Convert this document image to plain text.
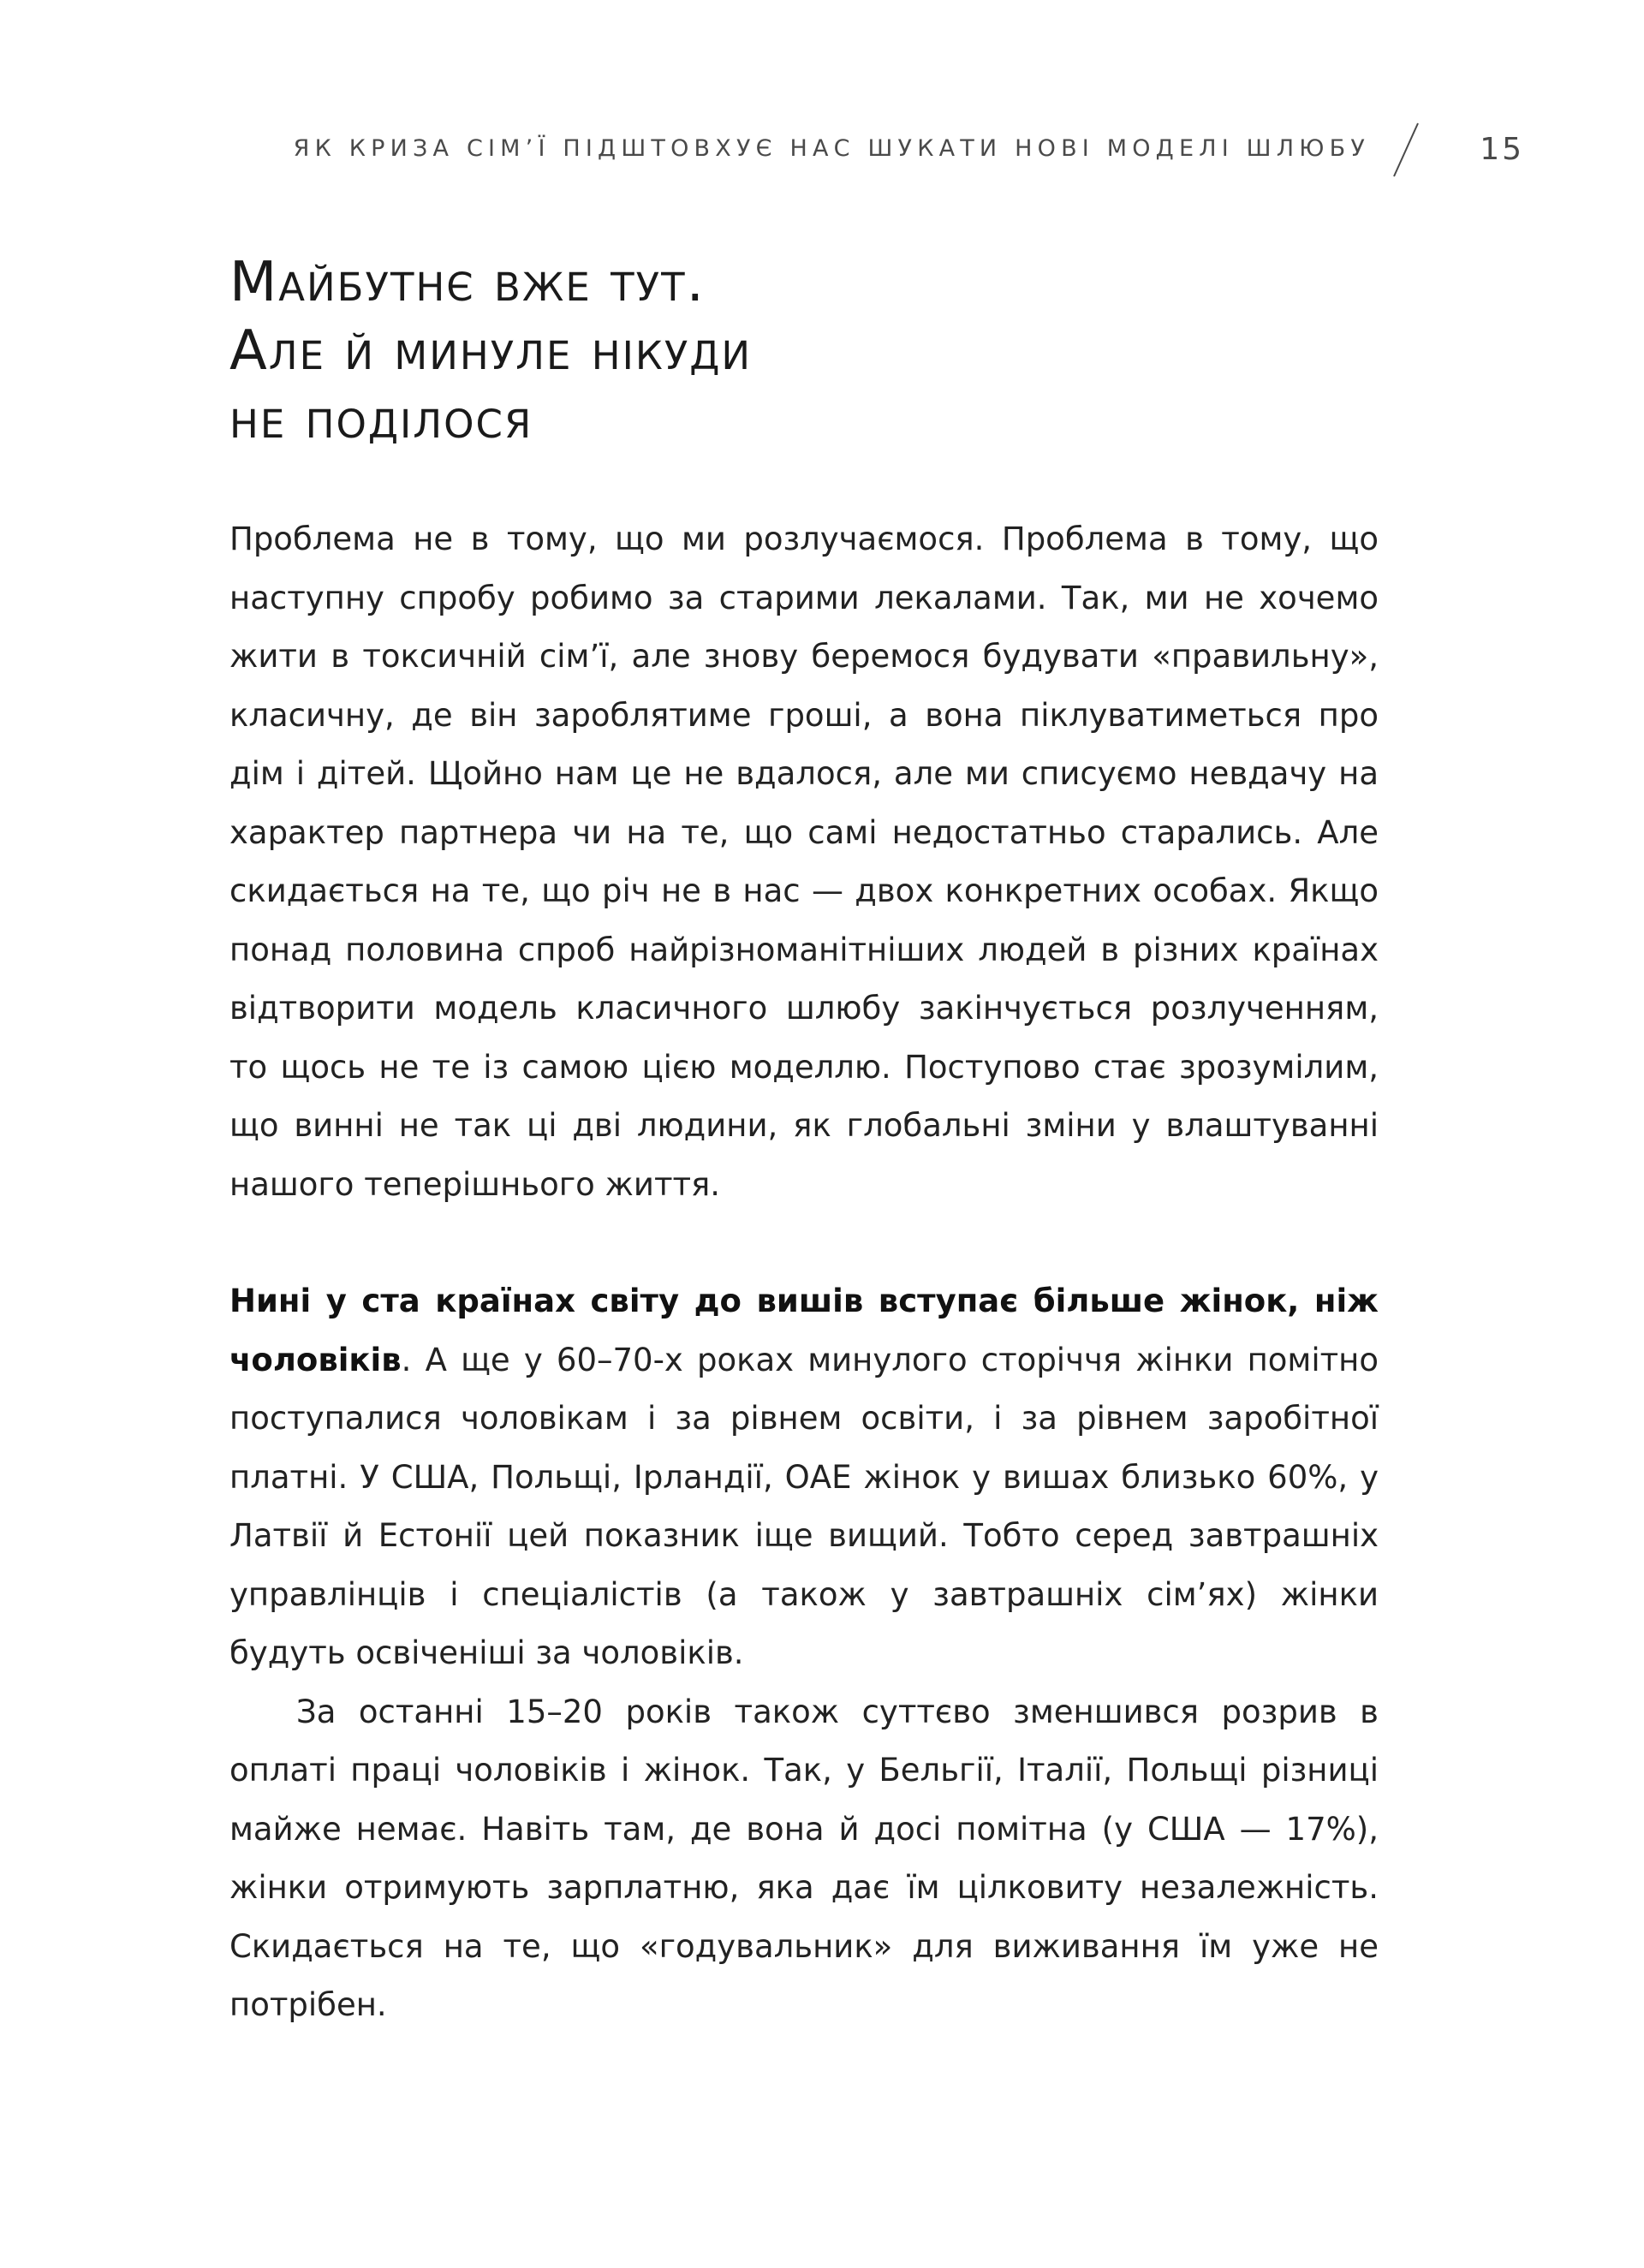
ЯК КРИЗА СІМ’Ї ПІДШТОВХУЄ НАС ШУКАТИ НОВІ МОДЕЛІ ШЛЮБУ	15
Майбутнє вже тут.
Але й минуле нікуди
не поділося

Проблема не в тому, що ми розлучаємося. Проблема в тому, що наступну спробу робимо за старими лекалами. Так, ми не хочемо жити в токсичній сім’ї, але знову беремося будувати «правильну», класичну, де він зароблятиме гроші, а вона піклуватиметься про дім і дітей. Щойно нам це не вдалося, але ми списуємо невдачу на характер партнера чи на те, що самі недостатньо старались. Але скидається на те, що річ не в нас — двох конкретних особах. Якщо понад половина спроб найрізноманітніших людей в різних країнах відтворити модель класичного шлюбу закінчується розлученням, то щось не те із самою цією моделлю. Поступово стає зрозумілим, що винні не так ці дві людини, як глобальні зміни у влаштуванні нашого теперішнього життя.

Нині у ста країнах світу до вишів вступає більше жінок, ніж чоловіків. А ще у 60–70-х роках минулого сторіччя жінки помітно поступалися чоловікам і за рівнем освіти, і за рівнем заробітної платні. У США, Польщі, Ірландії, ОАЕ жінок у вишах близько 60%, у Латвії й Естонії цей показник іще вищий. Тобто серед завтрашніх управлінців і спеціалістів (а також у завтрашніх сім’ях) жінки будуть освіченіші за чоловіків.

За останні 15–20 років також суттєво зменшився розрив в оплаті праці чоловіків і жінок. Так, у Бельгії, Італії, Польщі різниці майже немає. Навіть там, де вона й досі помітна (у США — 17%), жінки отримують зарплатню, яка дає їм цілковиту незалежність. Скидається на те, що «годувальник» для виживання їм уже не потрібен.
